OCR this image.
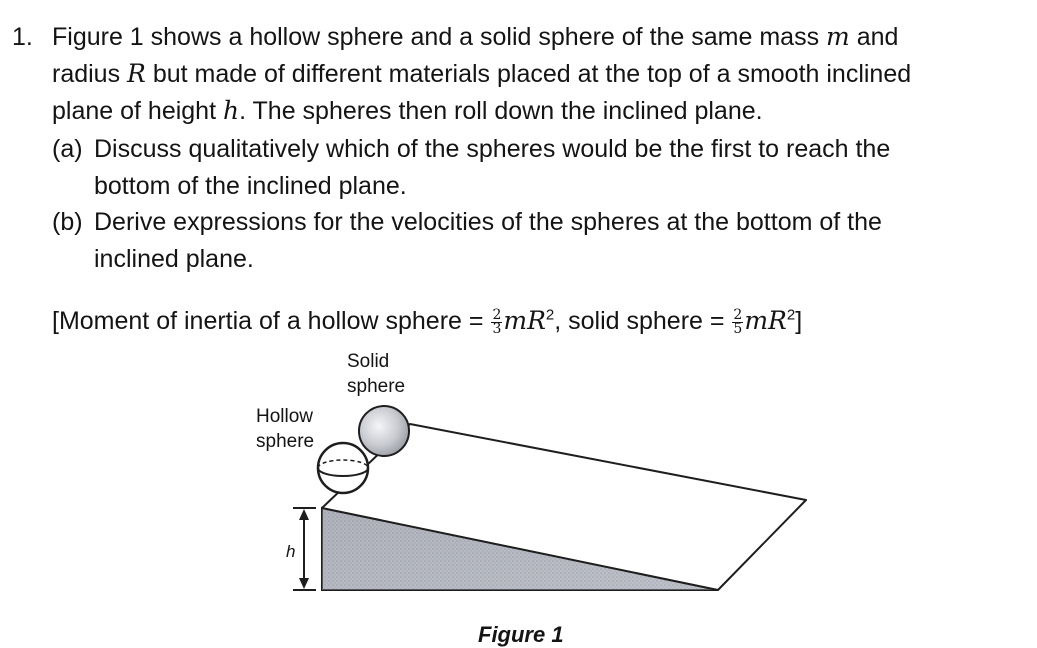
1. Figure 1 shows a hollow sphere and a solid sphere of the same mass m and
radius R but made of different materials placed at the top of a smooth inclined
plane of height h. The spheres then roll down the inclined plane.
(a) Discuss qualitatively which of the spheres would be the first to reach the
bottom of the inclined plane.
(b) Derive expressions for the velocities of the spheres at the bottom of the
inclined plane.
[Moment of inertia of a hollow sphere = $\frac{2}{3} mR^2$, solid sphere = $\frac{2}{5} mR^2$]
Solid
sphere
Hollow
sphere
h
Figure 1
